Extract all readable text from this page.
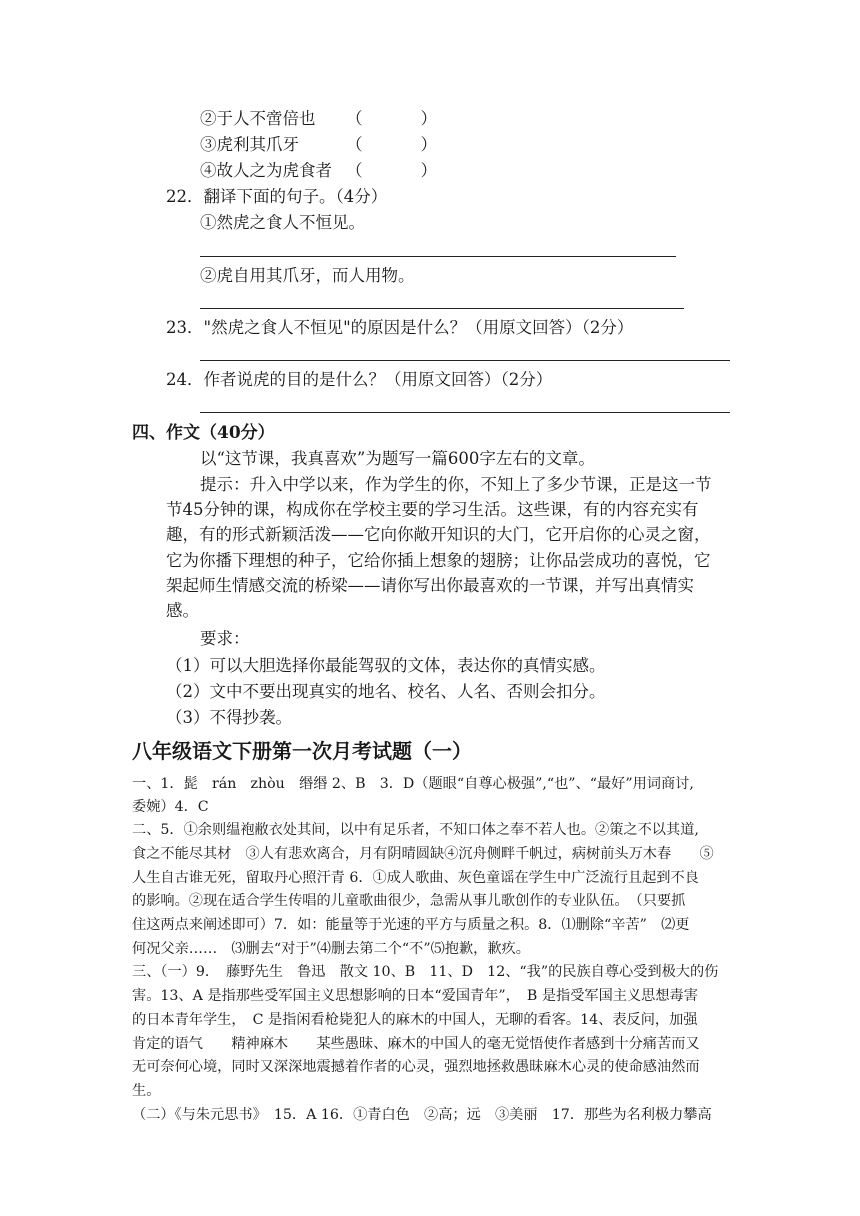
②于人不啻倍也 （	）
③虎利其爪牙	（	）
④故人之为虎食者 （	）
22．翻译下面的句子。（4分）
①然虎之食人不恒见。
②虎自用其爪牙，而人用物。
23．"然虎之食人不恒见"的原因是什么？（用原文回答）（2分）
24．作者说虎的目的是什么？（用原文回答）（2分）
四、作文（40分）
以“这节课，我真喜欢”为题写一篇600字左右的文章。
提示：升入中学以来，作为学生的你，不知上了多少节课，正是这一节
节45分钟的课，构成你在学校主要的学习生活。这些课，有的内容充实有
趣，有的形式新颖活泼——它向你敞开知识的大门，它开启你的心灵之窗，
它为你播下理想的种子，它给你插上想象的翅膀；让你品尝成功的喜悦，它
架起师生情感交流的桥梁——请你写出你最喜欢的一节课，并写出真情实
感。
要求：
（1）可以大胆选择你最能驾驭的文体，表达你的真情实感。
（2）文中不要出现真实的地名、校名、人名、否则会扣分。
（3）不得抄袭。
八年级语文下册第一次月考试题（一）
一、1．髭　rán　zhòu　缗缗 2、B　3．D（题眼“自尊心极强”,“也”、“最好”用词商讨,
委婉）4．C
二、5．①余则缊袍敝衣处其间，以中有足乐者，不知口体之奉不若人也。②策之不以其道,
食之不能尽其材　③人有悲欢离合，月有阴晴圆缺④沉舟侧畔千帆过，病树前头万木春　　⑤
人生自古谁无死，留取丹心照汗青 6．①成人歌曲、灰色童谣在学生中广泛流行且起到不良
的影响。②现在适合学生传唱的儿童歌曲很少，急需从事儿歌创作的专业队伍。　（只要抓
住这两点来阐述即可）7．如：能量等于光速的平方与质量之积。8．⑴删除“辛苦”　⑵更
何况父亲……　⑶删去“对于”⑷删去第二个“不”⑸抱歉，歉疚。
三、（一）9．　藤野先生　鲁迅　散文 10、B　11、D　12、“我”的民族自尊心受到极大的伤
害。13、A 是指那些受军国主义思想影响的日本“爱国青年”，　B 是指受军国主义思想毒害
的日本青年学生，　C 是指闲看枪毙犯人的麻木的中国人，无聊的看客。14、表反问，加强
肯定的语气　　精神麻木　　某些愚昧、麻木的中国人的毫无觉悟使作者感到十分痛苦而又
无可奈何心境，同时又深深地震撼着作者的心灵，强烈地拯救愚昧麻木心灵的使命感油然而
生。
（二）《与朱元思书》　15．A 16．①青白色　②高；远　③美丽　17．那些为名利极力攀高
